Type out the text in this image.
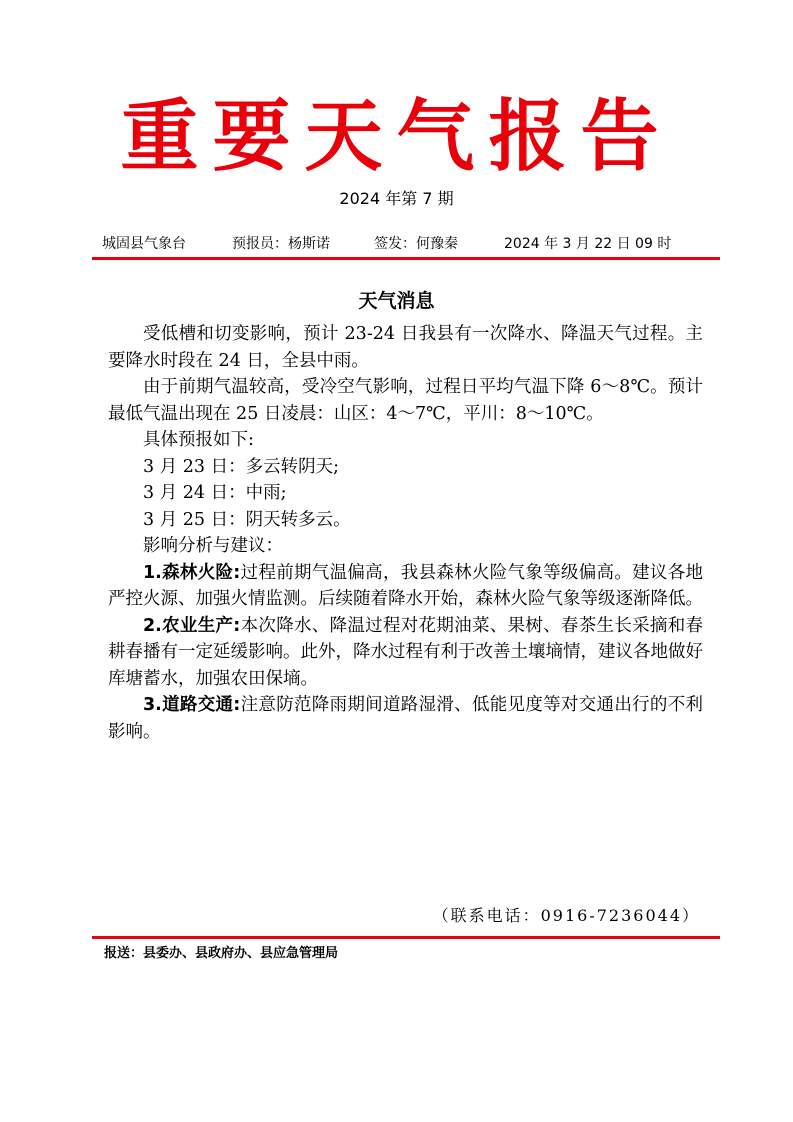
重要天气报告
2024 年第 7 期
城固县气象台	预报员：杨斯诺	签发：何豫秦	2024 年 3 月 22 日 09 时
天气消息

受低槽和切变影响，预计 23-24 日我县有一次降水、降温天气过程。主要降水时段在 24 日，全县中雨。

由于前期气温较高，受冷空气影响，过程日平均气温下降 6～8℃。预计最低气温出现在 25 日凌晨：山区：4～7℃，平川：8～10℃。

具体预报如下:

3 月 23 日：多云转阴天;

3 月 24 日：中雨;

3 月 25 日：阴天转多云。

影响分析与建议：

1.森林火险:过程前期气温偏高，我县森林火险气象等级偏高。建议各地严控火源、加强火情监测。后续随着降水开始，森林火险气象等级逐渐降低。

2.农业生产:本次降水、降温过程对花期油菜、果树、春茶生长采摘和春耕春播有一定延缓影响。此外，降水过程有利于改善土壤墒情，建议各地做好库塘蓄水，加强农田保墒。

3.道路交通:注意防范降雨期间道路湿滑、低能见度等对交通出行的不利影响。

（联系电话：0916-7236044）
报送：县委办、县政府办、县应急管理局
